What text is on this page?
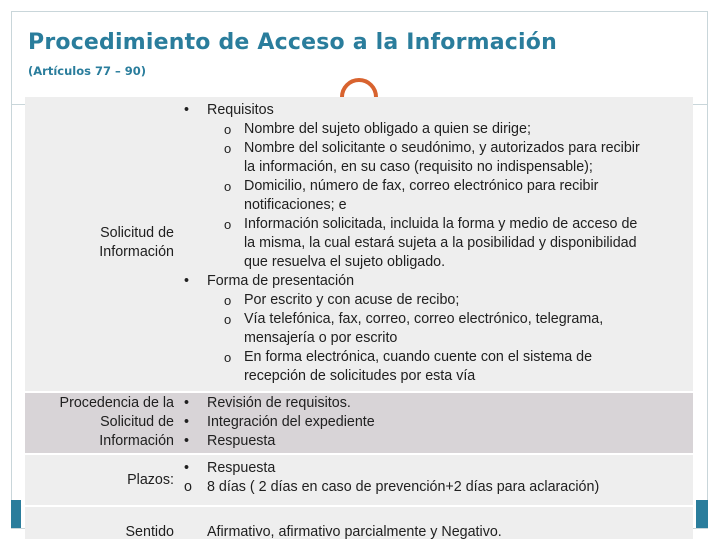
Procedimiento de Acceso a la Información
(Artículos 77 – 90)
Solicitud de
Información
• Requisitos
o Nombre del sujeto obligado a quien se dirige;
o Nombre del solicitante o seudónimo, y autorizados para recibir
la información, en su caso (requisito no indispensable);
o Domicilio, número de fax, correo electrónico para recibir
notificaciones; e
o Información solicitada, incluida la forma y medio de acceso de
la misma, la cual estará sujeta a la posibilidad y disponibilidad
que resuelva el sujeto obligado.
• Forma de presentación
o Por escrito y con acuse de recibo;
o Vía telefónica, fax, correo, correo electrónico, telegrama,
mensajería o por escrito
o En forma electrónica, cuando cuente con el sistema de
recepción de solicitudes por esta vía
Procedencia de la
Solicitud de
Información
• Revisión de requisitos.
• Integración del expediente
• Respuesta
Plazos:
• Respuesta
o 8 días ( 2 días en caso de prevención+2 días para aclaración)
Sentido	Afirmativo, afirmativo parcialmente y Negativo.
